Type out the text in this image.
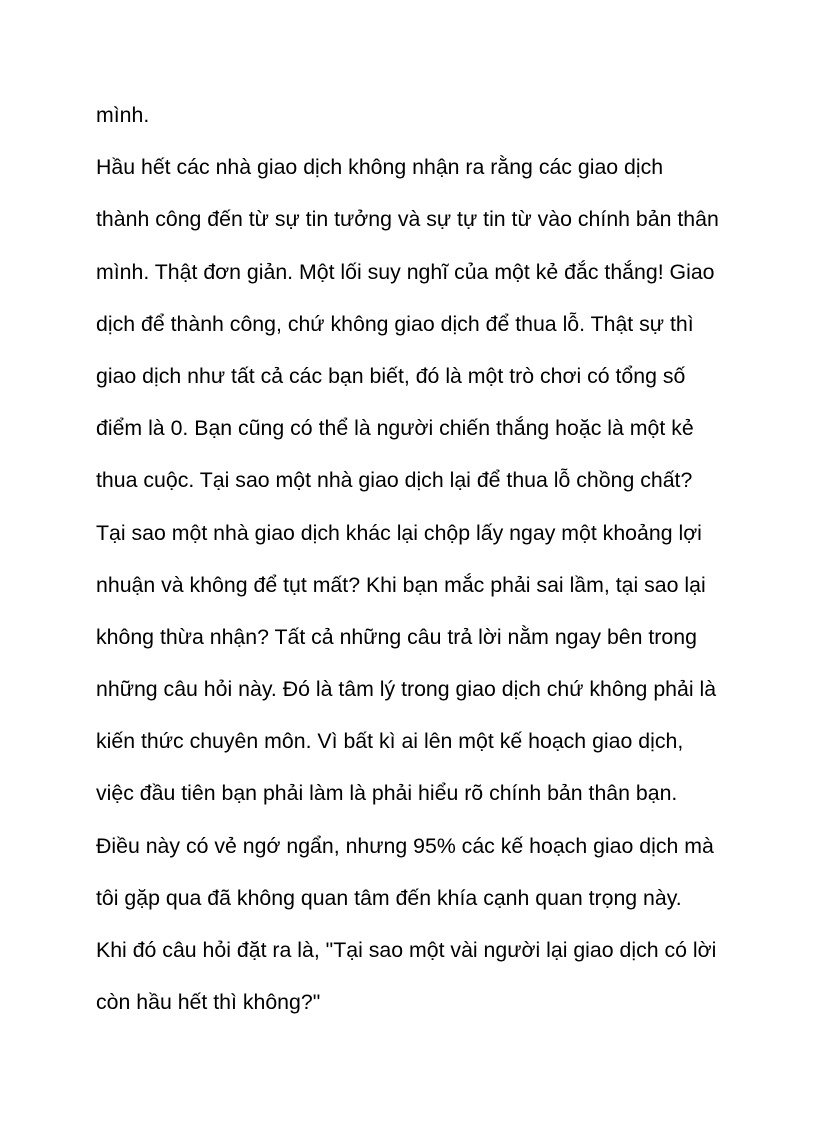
mình.
Hầu hết các nhà giao dịch không nhận ra rằng các giao dịch
thành công đến từ sự tin tưởng và sự tự tin từ vào chính bản thân
mình. Thật đơn giản. Một lối suy nghĩ của một kẻ đắc thắng! Giao
dịch để thành công, chứ không giao dịch để thua lỗ. Thật sự thì
giao dịch như tất cả các bạn biết, đó là một trò chơi có tổng số
điểm là 0. Bạn cũng có thể là người chiến thắng hoặc là một kẻ
thua cuộc. Tại sao một nhà giao dịch lại để thua lỗ chồng chất?
Tại sao một nhà giao dịch khác lại chộp lấy ngay một khoảng lợi
nhuận và không để tụt mất? Khi bạn mắc phải sai lầm, tại sao lại
không thừa nhận? Tất cả những câu trả lời nằm ngay bên trong
những câu hỏi này. Đó là tâm lý trong giao dịch chứ không phải là
kiến thức chuyên môn. Vì bất kì ai lên một kế hoạch giao dịch,
việc đầu tiên bạn phải làm là phải hiểu rõ chính bản thân bạn.
Điều này có vẻ ngớ ngẩn, nhưng 95% các kế hoạch giao dịch mà
tôi gặp qua đã không quan tâm đến khía cạnh quan trọng này.
Khi đó câu hỏi đặt ra là, "Tại sao một vài người lại giao dịch có lời
còn hầu hết thì không?"
